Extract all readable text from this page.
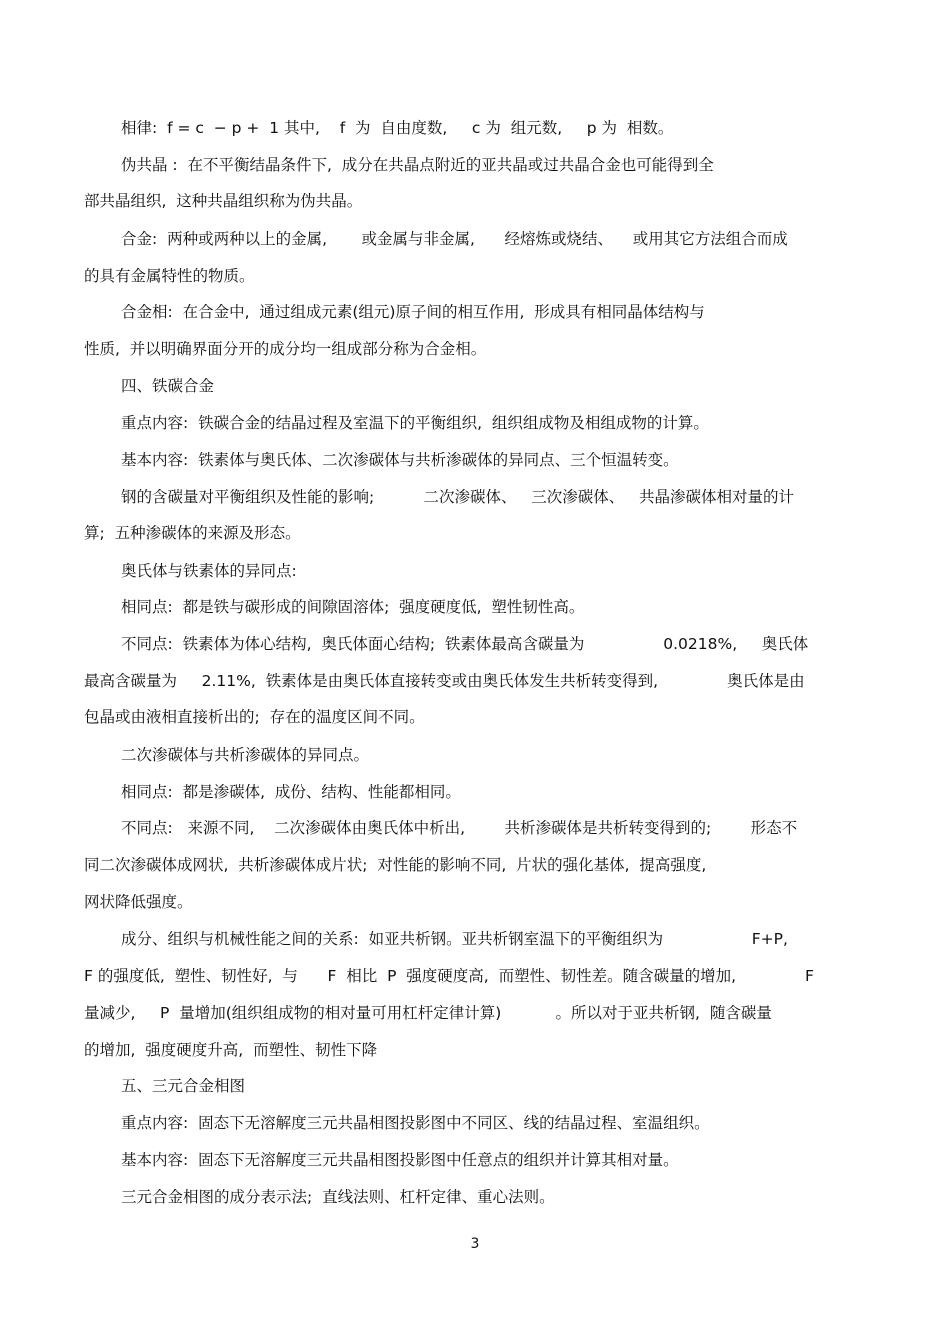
相律:  f = c  − p +  1 其中,    f  为  自由度数,     c 为  组元数,     p 为  相数。
伪共晶 :  在不平衡结晶条件下,  成分在共晶点附近的亚共晶或过共晶合金也可能得到全
部共晶组织,  这种共晶组织称为伪共晶。
合金:  两种或两种以上的金属,       或金属与非金属,      经熔炼或烧结、    或用其它方法组合而成
的具有金属特性的物质。
合金相:  在合金中,  通过组成元素(组元)原子间的相互作用,  形成具有相同晶体结构与
性质,  并以明确界面分开的成分均一组成部分称为合金相。
四、铁碳合金
重点内容:  铁碳合金的结晶过程及室温下的平衡组织,  组织组成物及相组成物的计算。
基本内容:  铁素体与奥氏体、二次渗碳体与共析渗碳体的异同点、三个恒温转变。
钢的含碳量对平衡组织及性能的影响;          二次渗碳体、   三次渗碳体、   共晶渗碳体相对量的计
算;  五种渗碳体的来源及形态。
奥氏体与铁素体的异同点:
相同点:  都是铁与碳形成的间隙固溶体;  强度硬度低,  塑性韧性高。
不同点:  铁素体为体心结构,  奥氏体面心结构;  铁素体最高含碳量为                0.0218%,     奥氏体
最高含碳量为     2.11%,  铁素体是由奥氏体直接转变或由奥氏体发生共析转变得到,              奥氏体是由
包晶或由液相直接析出的;  存在的温度区间不同。
二次渗碳体与共析渗碳体的异同点。
相同点:  都是渗碳体,  成份、结构、性能都相同。
不同点:   来源不同,    二次渗碳体由奥氏体中析出,        共析渗碳体是共析转变得到的;        形态不
同二次渗碳体成网状,  共析渗碳体成片状;  对性能的影响不同,  片状的强化基体,  提高强度,
网状降低强度。
成分、组织与机械性能之间的关系:  如亚共析钢。亚共析钢室温下的平衡组织为                  F+P,
F 的强度低,  塑性、韧性好,  与      F  相比  P  强度硬度高,  而塑性、韧性差。随含碳量的增加,              F
量减少,     P  量增加(组织组成物的相对量可用杠杆定律计算)           。所以对于亚共析钢,  随含碳量
的增加,  强度硬度升高,  而塑性、韧性下降
五、三元合金相图
重点内容:  固态下无溶解度三元共晶相图投影图中不同区、线的结晶过程、室温组织。
基本内容:  固态下无溶解度三元共晶相图投影图中任意点的组织并计算其相对量。
三元合金相图的成分表示法;  直线法则、杠杆定律、重心法则。
3
